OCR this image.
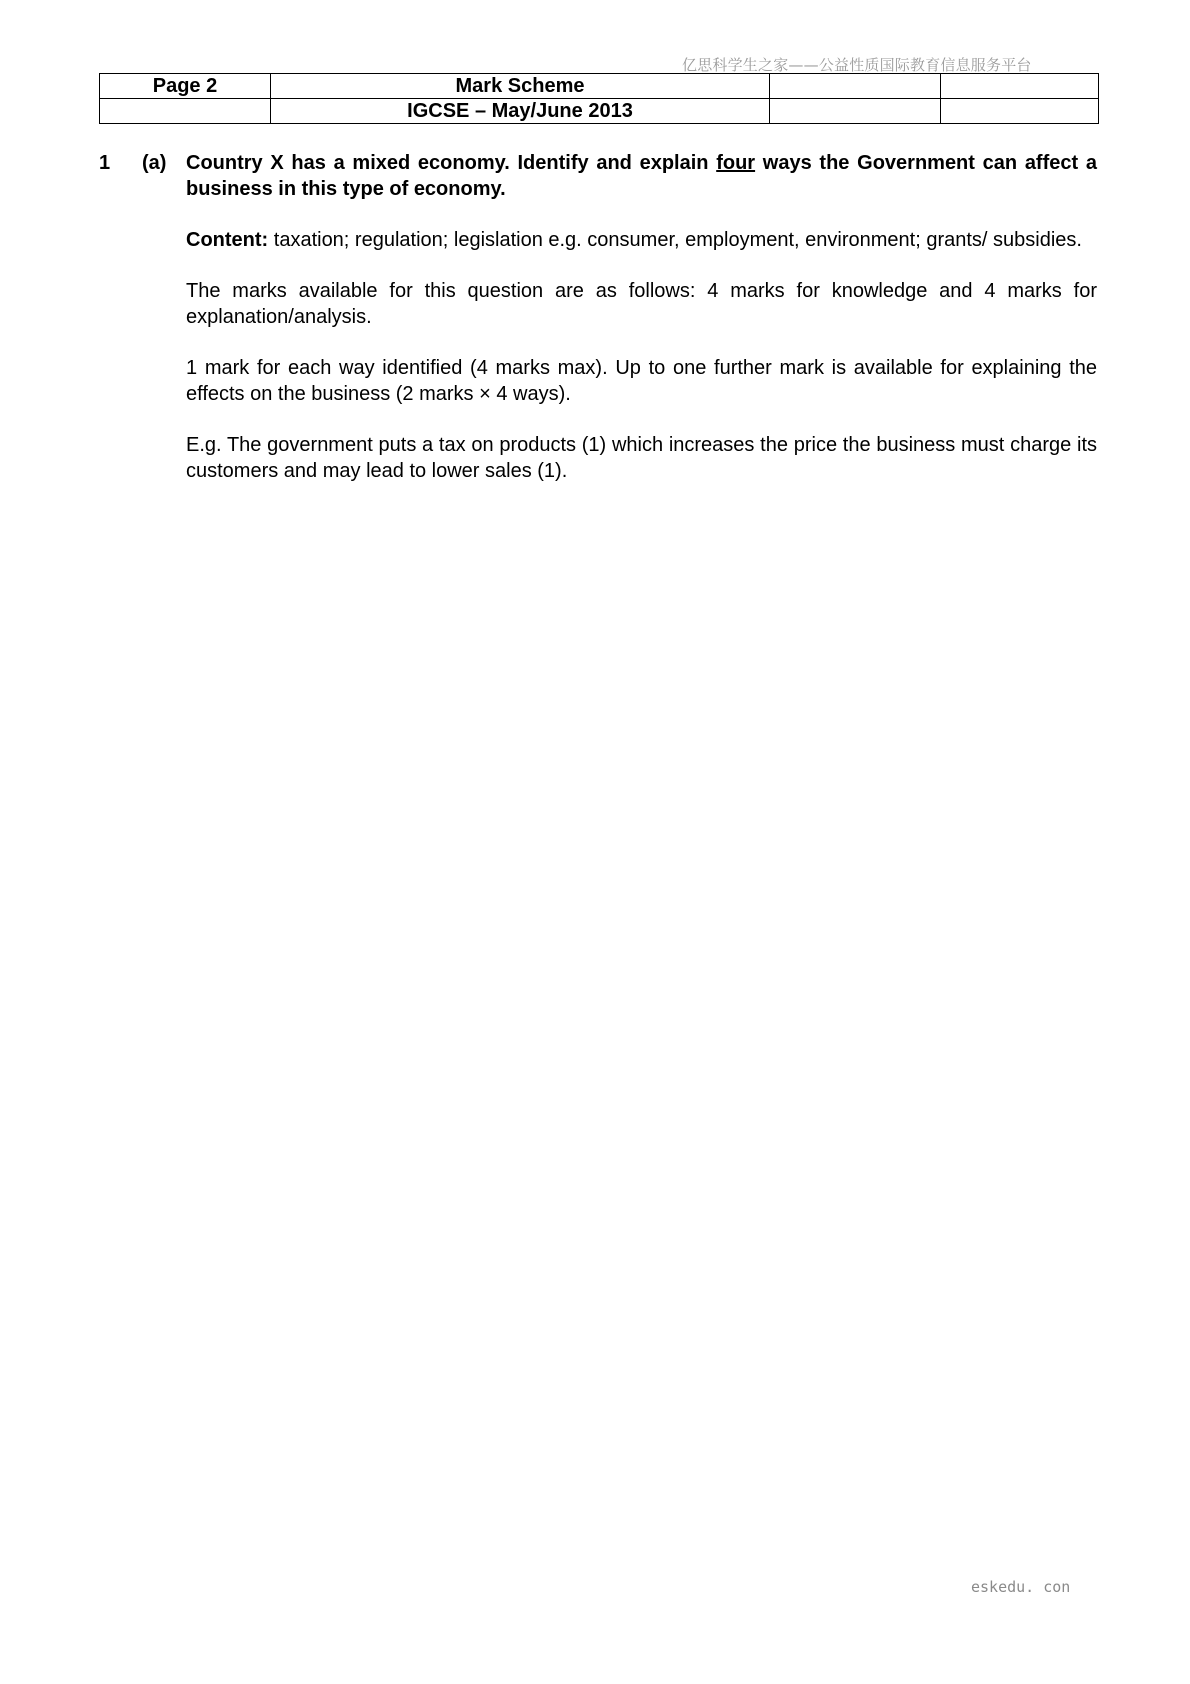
亿思科学生之家——公益性质国际教育信息服务平台
Page 2	Mark Scheme		
	IGCSE – May/June 2013		
1 (a) Country X has a mixed economy. Identify and explain four ways the Government can affect a business in this type of economy.

Content: taxation; regulation; legislation e.g. consumer, employment, environment; grants/ subsidies.

The marks available for this question are as follows: 4 marks for knowledge and 4 marks for explanation/analysis.

1 mark for each way identified (4 marks max). Up to one further mark is available for explaining the effects on the business (2 marks × 4 ways).

E.g. The government puts a tax on products (1) which increases the price the business must charge its customers and may lead to lower sales (1).

eskedu. con
